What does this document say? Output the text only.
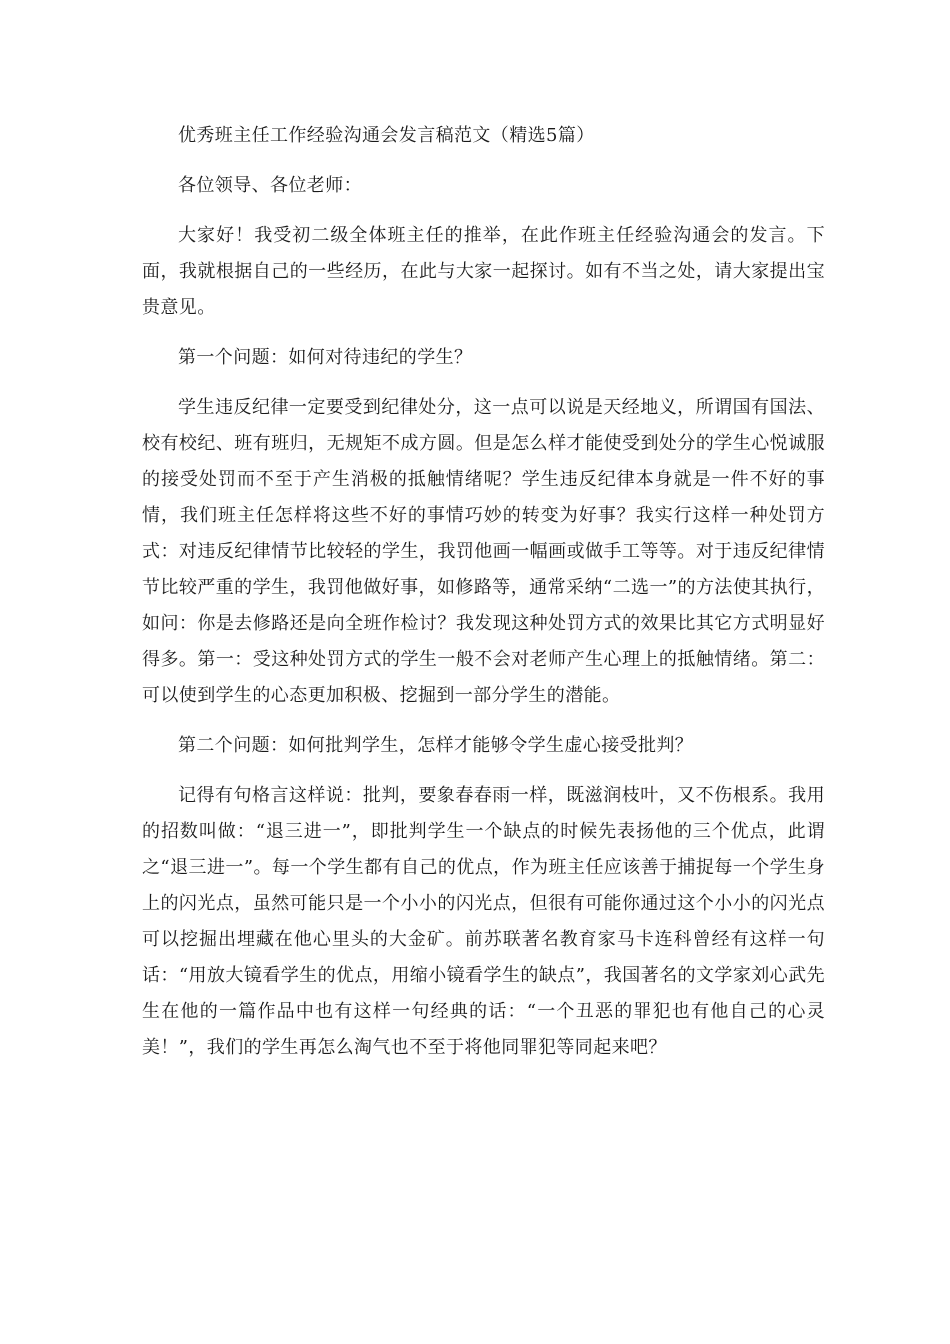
优秀班主任工作经验沟通会发言稿范文（精选5篇）

各位领导、各位老师：

大家好！我受初二级全体班主任的推举，在此作班主任经验沟通会的发言。下面，我就根据自己的一些经历，在此与大家一起探讨。如有不当之处，请大家提出宝贵意见。

第一个问题：如何对待违纪的学生？

学生违反纪律一定要受到纪律处分，这一点可以说是天经地义，所谓国有国法、校有校纪、班有班归，无规矩不成方圆。但是怎么样才能使受到处分的学生心悦诚服的接受处罚而不至于产生消极的抵触情绪呢？学生违反纪律本身就是一件不好的事情，我们班主任怎样将这些不好的事情巧妙的转变为好事？我实行这样一种处罚方式：对违反纪律情节比较轻的学生，我罚他画一幅画或做手工等等。对于违反纪律情节比较严重的学生，我罚他做好事，如修路等，通常采纳“二选一”的方法使其执行，如问：你是去修路还是向全班作检讨？我发现这种处罚方式的效果比其它方式明显好得多。第一：受这种处罚方式的学生一般不会对老师产生心理上的抵触情绪。第二：可以使到学生的心态更加积极、挖掘到一部分学生的潜能。

第二个问题：如何批判学生，怎样才能够令学生虚心接受批判？

记得有句格言这样说：批判，要象春春雨一样，既滋润枝叶，又不伤根系。我用的招数叫做：“退三进一”，即批判学生一个缺点的时候先表扬他的三个优点，此谓之“退三进一”。每一个学生都有自己的优点，作为班主任应该善于捕捉每一个学生身上的闪光点，虽然可能只是一个小小的闪光点，但很有可能你通过这个小小的闪光点可以挖掘出埋藏在他心里头的大金矿。前苏联著名教育家马卡连科曾经有这样一句话：“用放大镜看学生的优点，用缩小镜看学生的缺点”，我国著名的文学家刘心武先生在他的一篇作品中也有这样一句经典的话：“一个丑恶的罪犯也有他自己的心灵美！”，我们的学生再怎么淘气也不至于将他同罪犯等同起来吧？
